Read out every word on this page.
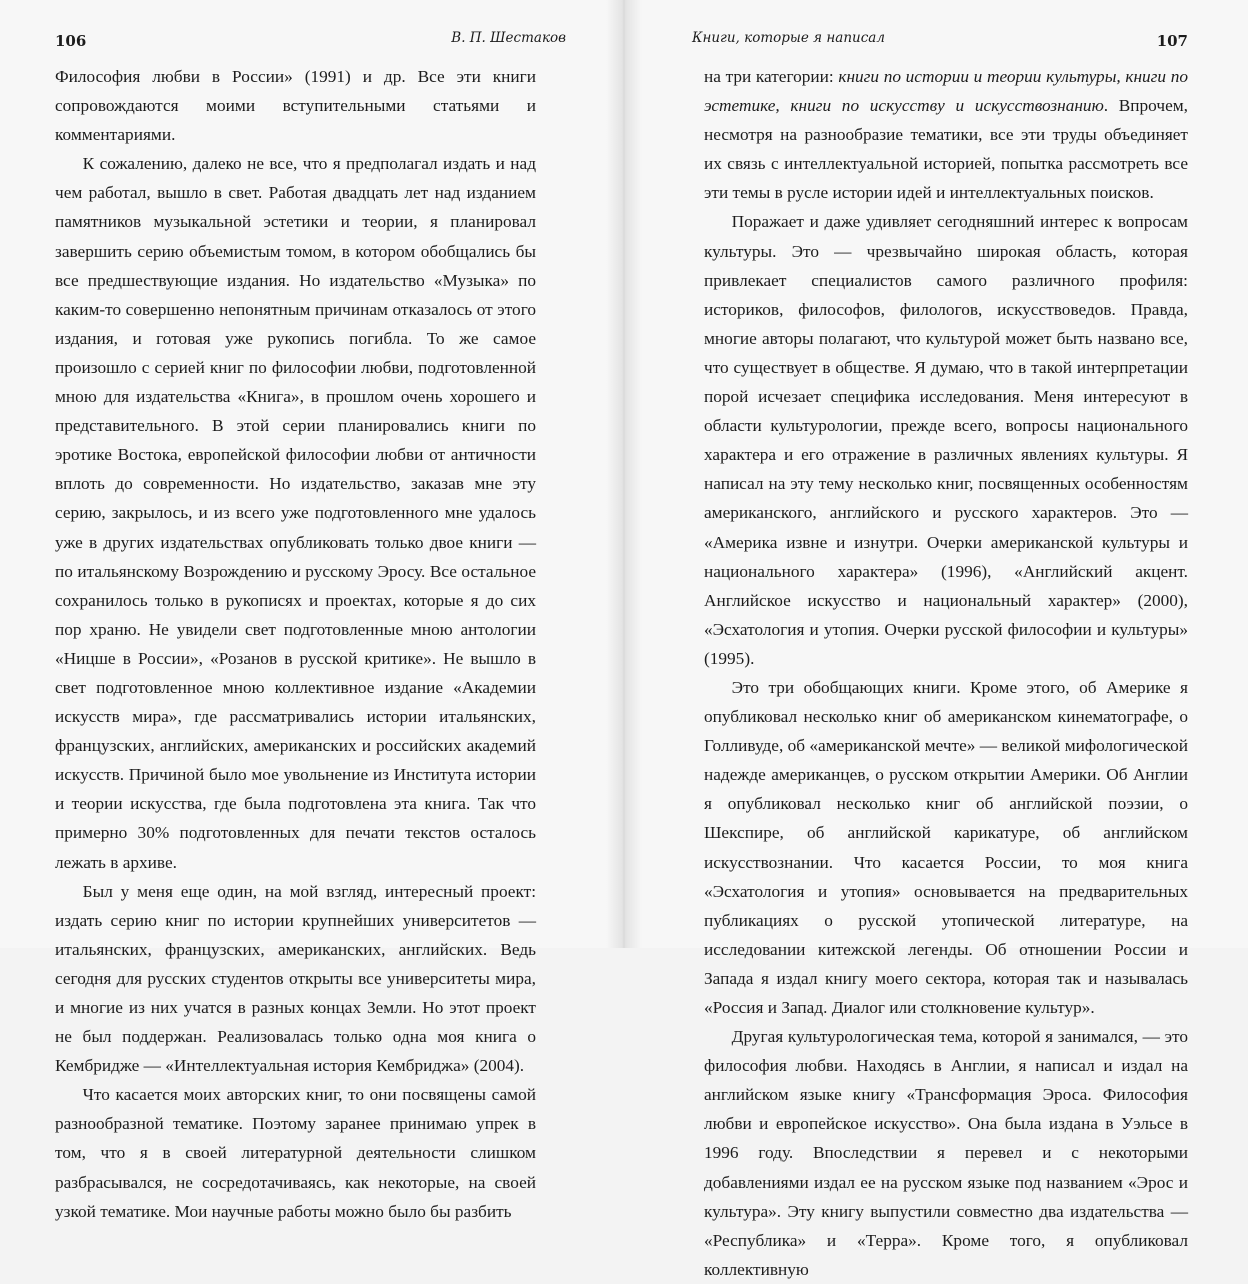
106	В. П. Шестаков

Философия любви в России» (1991) и др. Все эти книги сопровождаются моими вступительными статьями и комментариями.

К сожалению, далеко не все, что я предполагал издать и над чем работал, вышло в свет. Работая двадцать лет над изданием памятников музыкальной эстетики и теории, я планировал завершить серию объемистым томом, в котором обобщались бы все предшествующие издания. Но издательство «Музыка» по каким-то совершенно непонятным причинам отказалось от этого издания, и готовая уже рукопись погибла. То же самое произошло с серией книг по философии любви, подготовленной мною для издательства «Книга», в прошлом очень хорошего и представительного. В этой серии планировались книги по эротике Востока, европейской философии любви от античности вплоть до современности. Но издательство, заказав мне эту серию, закрылось, и из всего уже подготовленного мне удалось уже в других издательствах опубликовать только двое книги — по итальянскому Возрождению и русскому Эросу. Все остальное сохранилось только в рукописях и проектах, которые я до сих пор храню. Не увидели свет подготовленные мною антологии «Ницше в России», «Розанов в русской критике». Не вышло в свет подготовленное мною коллективное издание «Академии искусств мира», где рассматривались истории итальянских, французских, английских, американских и российских академий искусств. Причиной было мое увольнение из Института истории и теории искусства, где была подготовлена эта книга. Так что примерно 30% подготовленных для печати текстов осталось лежать в архиве.

Был у меня еще один, на мой взгляд, интересный проект: издать серию книг по истории крупнейших университетов — итальянских, французских, американских, английских. Ведь сегодня для русских студентов открыты все университеты мира, и многие из них учатся в разных концах Земли. Но этот проект не был поддержан. Реализовалась только одна моя книга о Кембридже — «Интеллектуальная история Кембриджа» (2004).

Что касается моих авторских книг, то они посвящены самой разнообразной тематике. Поэтому заранее принимаю упрек в том, что я в своей литературной деятельности слишком разбрасывался, не сосредотачиваясь, как некоторые, на своей узкой тематике. Мои научные работы можно было бы разбить

Книги, которые я написал	107

на три категории: книги по истории и теории культуры, книги по эстетике, книги по искусству и искусствознанию. Впрочем, несмотря на разнообразие тематики, все эти труды объединяет их связь с интеллектуальной историей, попытка рассмотреть все эти темы в русле истории идей и интеллектуальных поисков.

Поражает и даже удивляет сегодняшний интерес к вопросам культуры. Это — чрезвычайно широкая область, которая привлекает специалистов самого различного профиля: историков, философов, филологов, искусствоведов. Правда, многие авторы полагают, что культурой может быть названо все, что существует в обществе. Я думаю, что в такой интерпретации порой исчезает специфика исследования. Меня интересуют в области культурологии, прежде всего, вопросы национального характера и его отражение в различных явлениях культуры. Я написал на эту тему несколько книг, посвященных особенностям американского, английского и русского характеров. Это — «Америка извне и изнутри. Очерки американской культуры и национального характера» (1996), «Английский акцент. Английское искусство и национальный характер» (2000), «Эсхатология и утопия. Очерки русской философии и культуры» (1995).

Это три обобщающих книги. Кроме этого, об Америке я опубликовал несколько книг об американском кинематографе, о Голливуде, об «американской мечте» — великой мифологической надежде американцев, о русском открытии Америки. Об Англии я опубликовал несколько книг об английской поэзии, о Шекспире, об английской карикатуре, об английском искусствознании. Что касается России, то моя книга «Эсхатология и утопия» основывается на предварительных публикациях о русской утопической литературе, на исследовании китежской легенды. Об отношении России и Запада я издал книгу моего сектора, которая так и называлась «Россия и Запад. Диалог или столкновение культур».

Другая культурологическая тема, которой я занимался, — это философия любви. Находясь в Англии, я написал и издал на английском языке книгу «Трансформация Эроса. Философия любви и европейское искусство». Она была издана в Уэльсе в 1996 году. Впоследствии я перевел и с некоторыми добавлениями издал ее на русском языке под названием «Эрос и культура». Эту книгу выпустили совместно два издательства — «Республика» и «Терра». Кроме того, я опубликовал коллективную
